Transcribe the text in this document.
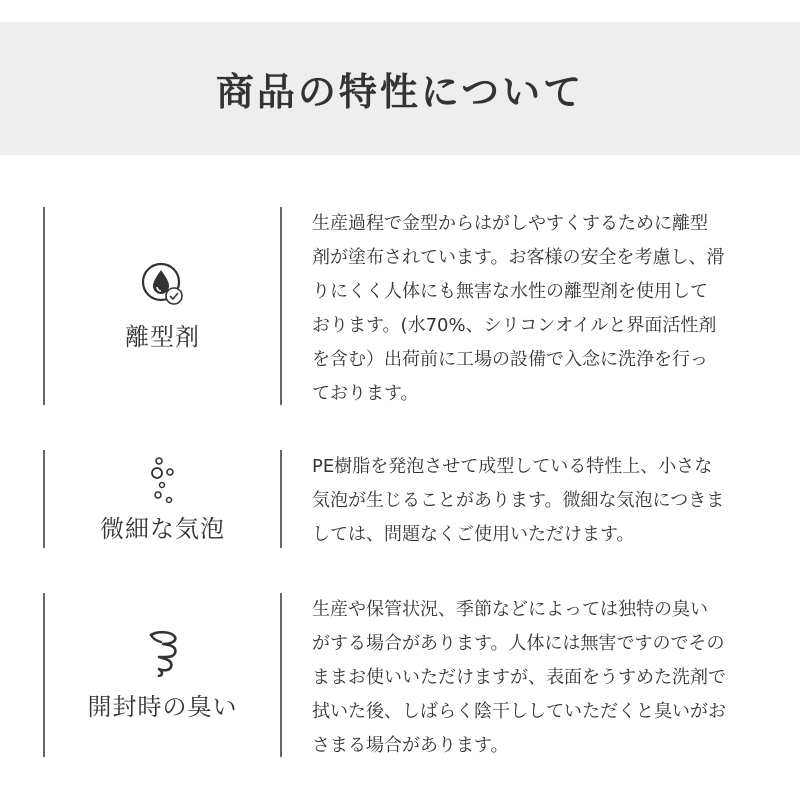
商品の特性について
離型剤
生産過程で金型からはがしやすくするために離型
剤が塗布されています。お客様の安全を考慮し、滑
りにくく人体にも無害な水性の離型剤を使用して
おります。(水70%、シリコンオイルと界面活性剤
を含む）出荷前に工場の設備で入念に洗浄を行っ
ております。
微細な気泡
PE樹脂を発泡させて成型している特性上、小さな
気泡が生じることがあります。微細な気泡につきま
しては、問題なくご使用いただけます。
開封時の臭い
生産や保管状況、季節などによっては独特の臭い
がする場合があります。人体には無害ですのでその
ままお使いいただけますが、表面をうすめた洗剤で
拭いた後、しばらく陰干ししていただくと臭いがお
さまる場合があります。
